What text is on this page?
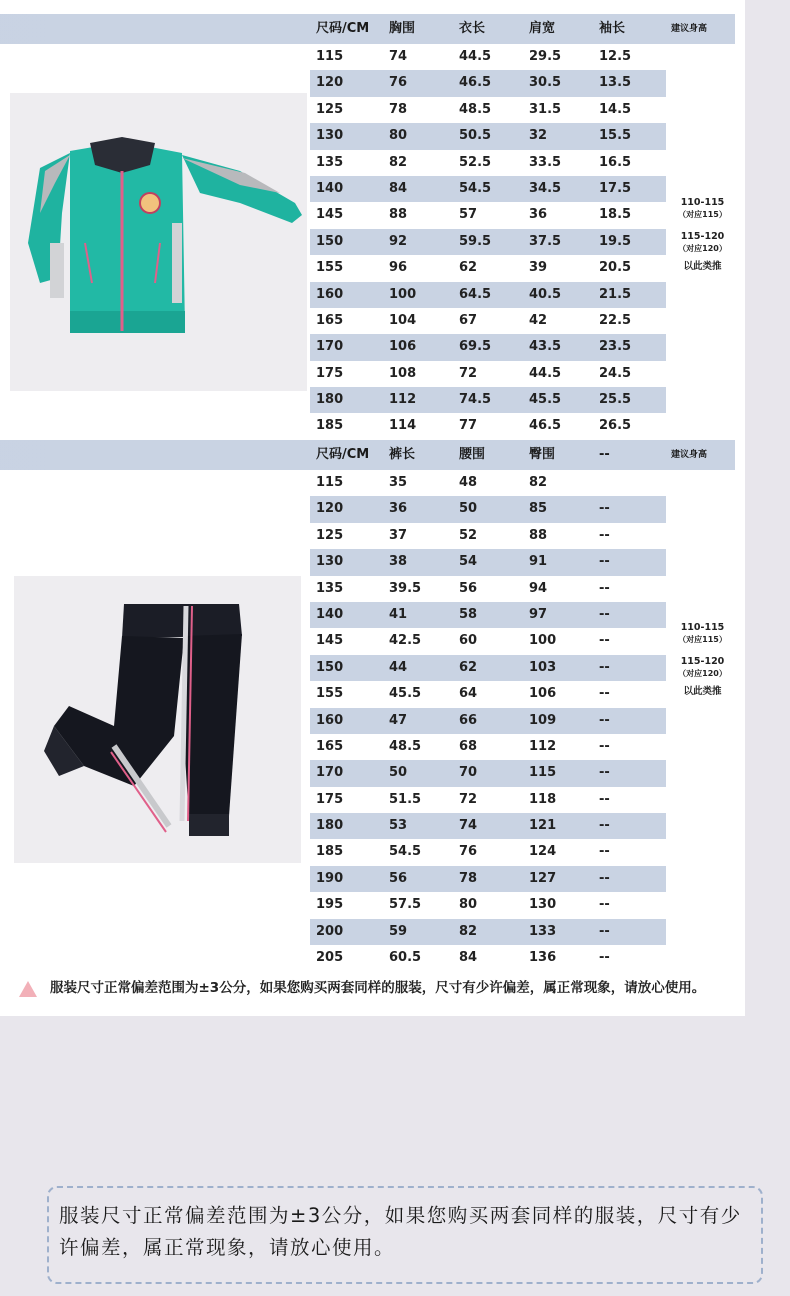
尺码/CM 胸围	衣长	肩宽	袖长	建议身高
115	74	44.5	29.5	12.5
120	76	46.5	30.5	13.5
125	78	48.5	31.5	14.5
130	80	50.5	32	15.5
135	82	52.5	33.5	16.5
140	84	54.5	34.5	17.5
145	88	57	36	18.5
150	92	59.5	37.5	19.5
155	96	62	39	20.5
160	100	64.5	40.5	21.5
165	104	67	42	22.5
170	106	69.5	43.5	23.5
175	108	72	44.5	24.5
180	112	74.5	45.5	25.5
185	114	77	46.5	26.5
110-115
（对应115）
115-120
（对应120）
以此类推
尺码/CM 裤长	腰围	臀围	--	建议身高
115	35	48	82
120	36	50	85	--
125	37	52	88	--
130	38	54	91	--
135	39.5	56	94	--
140	41	58	97	--
145	42.5	60	100	--
150	44	62	103	--
155	45.5	64	106	--
160	47	66	109	--
165	48.5	68	112	--
170	50	70	115	--
175	51.5	72	118	--
180	53	74	121	--
185	54.5	76	124	--
190	56	78	127	--
195	57.5	80	130	--
200	59	82	133	--
205	60.5	84	136	--
110-115
（对应115）
115-120
（对应120）
以此类推
服装尺寸正常偏差范围为±3公分，如果您购买两套同样的服装，尺寸有少许偏差，属正常现象，请放心使用。
服装尺寸正常偏差范围为±3公分，如果您购买两套同样的服装，尺寸有少许偏差，属正常现象，请放心使用。
